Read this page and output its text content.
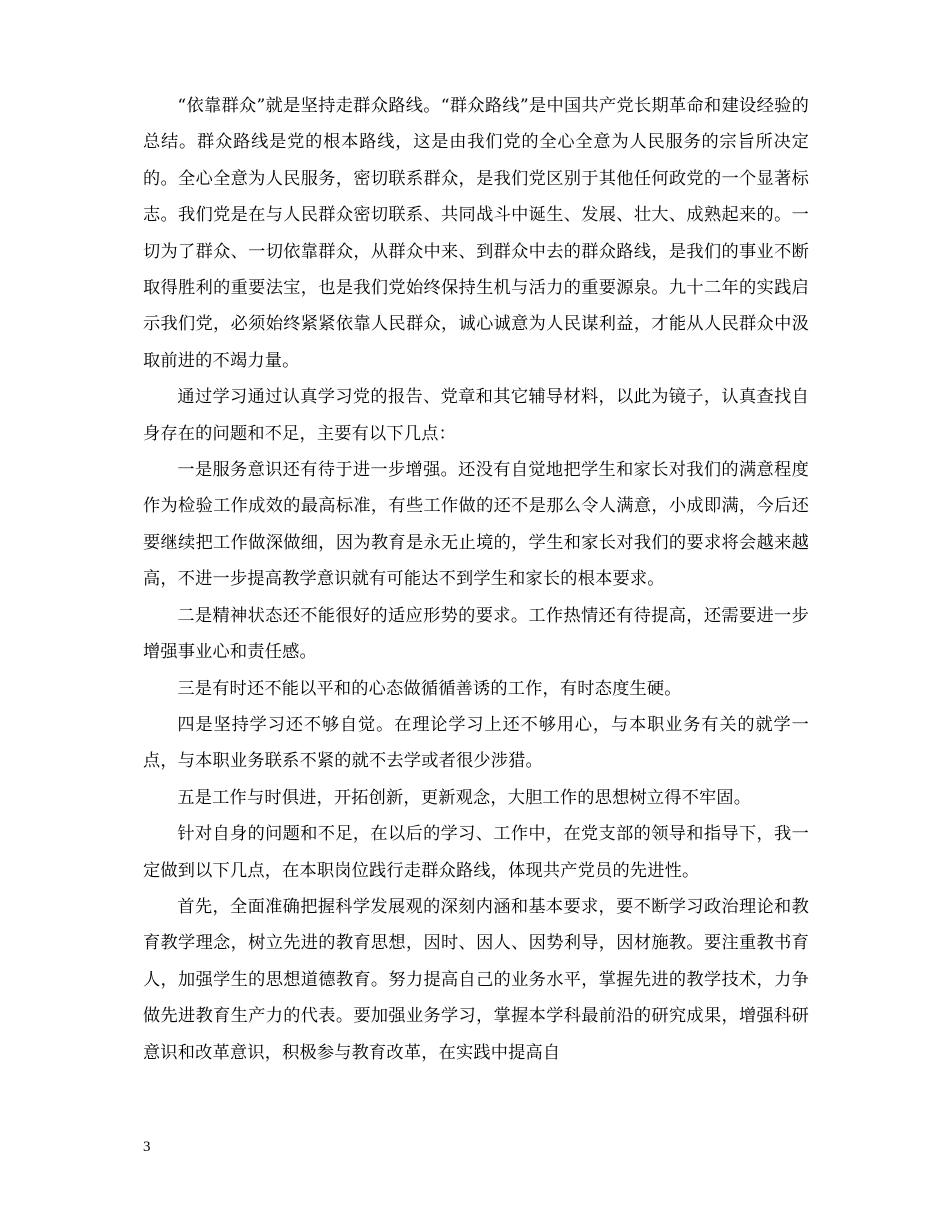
“依靠群众”就是坚持走群众路线。“群众路线”是中国共产党长期革命和建设经验的总结。群众路线是党的根本路线，这是由我们党的全心全意为人民服务的宗旨所决定的。全心全意为人民服务，密切联系群众，是我们党区别于其他任何政党的一个显著标志。我们党是在与人民群众密切联系、共同战斗中诞生、发展、壮大、成熟起来的。一切为了群众、一切依靠群众，从群众中来、到群众中去的群众路线，是我们的事业不断取得胜利的重要法宝，也是我们党始终保持生机与活力的重要源泉。九十二年的实践启示我们党，必须始终紧紧依靠人民群众，诚心诚意为人民谋利益，才能从人民群众中汲取前进的不竭力量。

通过学习通过认真学习党的报告、党章和其它辅导材料，以此为镜子，认真查找自身存在的问题和不足，主要有以下几点：

一是服务意识还有待于进一步增强。还没有自觉地把学生和家长对我们的满意程度作为检验工作成效的最高标准，有些工作做的还不是那么令人满意，小成即满，今后还要继续把工作做深做细，因为教育是永无止境的，学生和家长对我们的要求将会越来越高，不进一步提高教学意识就有可能达不到学生和家长的根本要求。

二是精神状态还不能很好的适应形势的要求。工作热情还有待提高，还需要进一步增强事业心和责任感。

三是有时还不能以平和的心态做循循善诱的工作，有时态度生硬。

四是坚持学习还不够自觉。在理论学习上还不够用心，与本职业务有关的就学一点，与本职业务联系不紧的就不去学或者很少涉猎。

五是工作与时俱进，开拓创新，更新观念，大胆工作的思想树立得不牢固。

针对自身的问题和不足，在以后的学习、工作中，在党支部的领导和指导下，我一定做到以下几点，在本职岗位践行走群众路线，体现共产党员的先进性。

首先，全面准确把握科学发展观的深刻内涵和基本要求，要不断学习政治理论和教育教学理念，树立先进的教育思想，因时、因人、因势利导，因材施教。要注重教书育人，加强学生的思想道德教育。努力提高自己的业务水平，掌握先进的教学技术，力争做先进教育生产力的代表。要加强业务学习，掌握本学科最前沿的研究成果，增强科研意识和改革意识，积极参与教育改革，在实践中提高自

3
